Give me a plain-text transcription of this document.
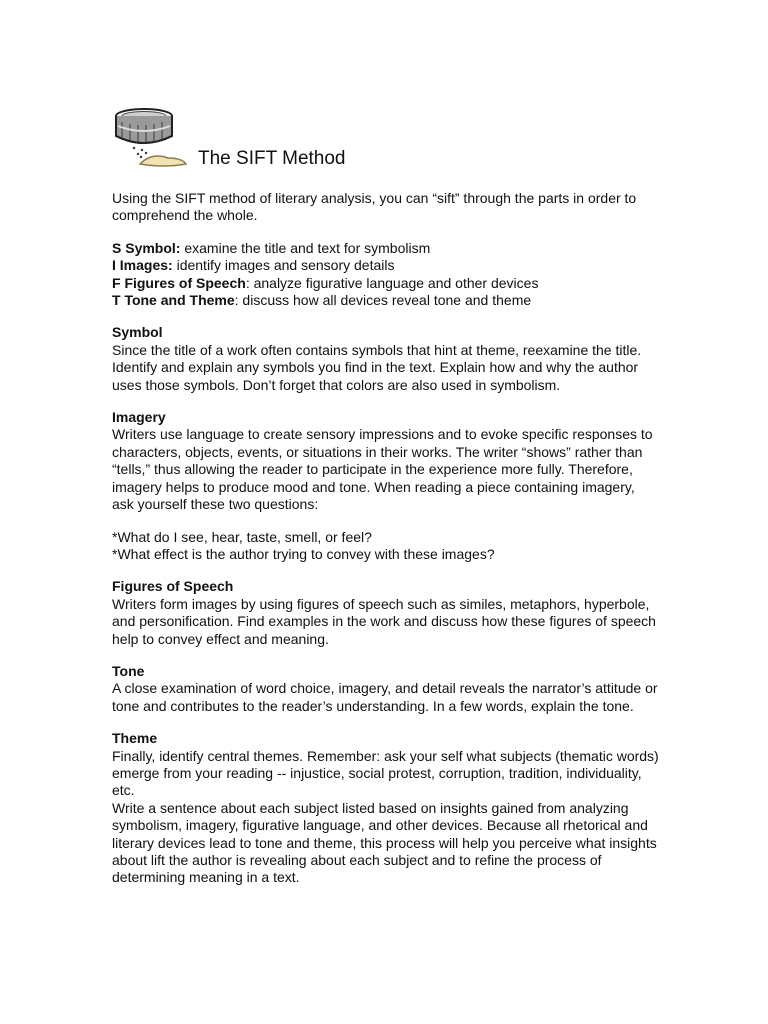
The SIFT Method

Using the SIFT method of literary analysis, you can “sift” through the parts in order to comprehend the whole.

S Symbol: examine the title and text for symbolism

I Images: identify images and sensory details

F Figures of Speech: analyze figurative language and other devices

T Tone and Theme: discuss how all devices reveal tone and theme

Symbol

Since the title of a work often contains symbols that hint at theme, reexamine the title. Identify and explain any symbols you find in the text. Explain how and why the author uses those symbols. Don’t forget that colors are also used in symbolism.

Imagery

Writers use language to create sensory impressions and to evoke specific responses to characters, objects, events, or situations in their works. The writer “shows” rather than “tells,” thus allowing the reader to participate in the experience more fully. Therefore, imagery helps to produce mood and tone. When reading a piece containing imagery, ask yourself these two questions:

*What do I see, hear, taste, smell, or feel?

*What effect is the author trying to convey with these images?

Figures of Speech

Writers form images by using figures of speech such as similes, metaphors, hyperbole, and personification. Find examples in the work and discuss how these figures of speech help to convey effect and meaning.

Tone

A close examination of word choice, imagery, and detail reveals the narrator’s attitude or tone and contributes to the reader’s understanding. In a few words, explain the tone.

Theme

Finally, identify central themes. Remember: ask your self what subjects (thematic words) emerge from your reading -- injustice, social protest, corruption, tradition, individuality, etc.

Write a sentence about each subject listed based on insights gained from analyzing symbolism, imagery, figurative language, and other devices. Because all rhetorical and literary devices lead to tone and theme, this process will help you perceive what insights about lift the author is revealing about each subject and to refine the process of determining meaning in a text.
